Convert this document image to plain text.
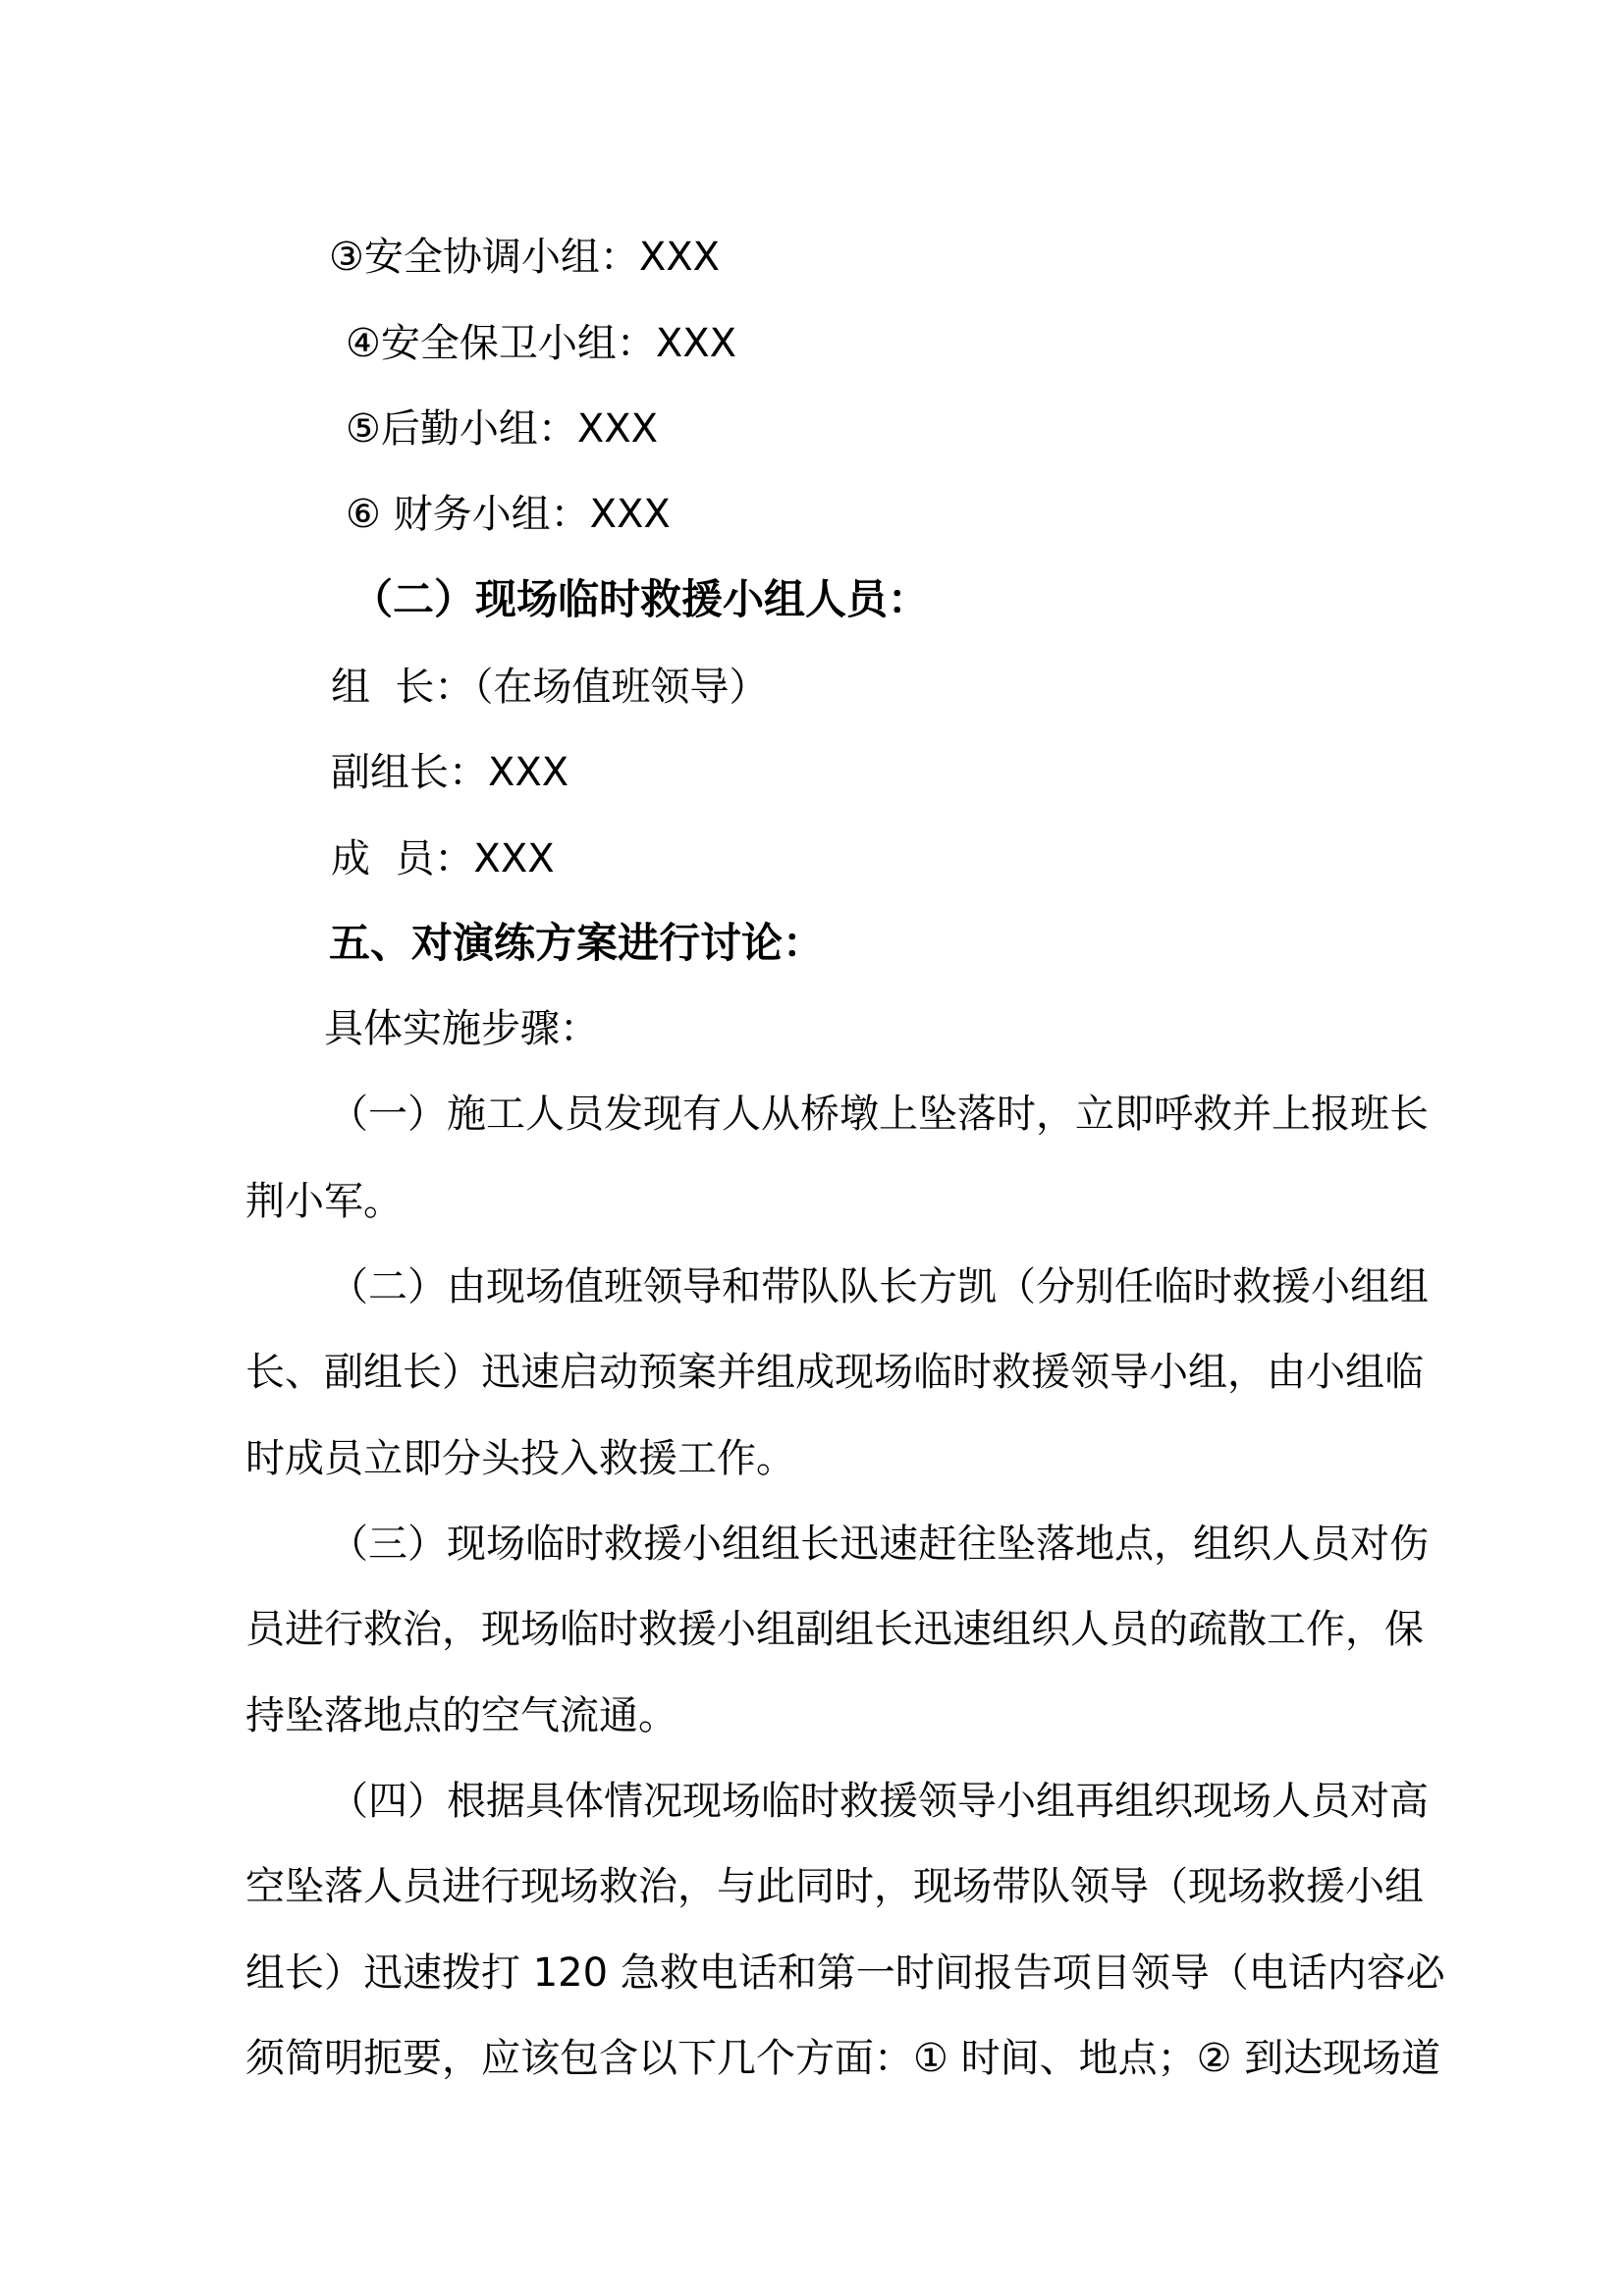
③安全协调小组：XXX
④安全保卫小组：XXX
⑤后勤小组：XXX
⑥ 财务小组：XXX
（二）现场临时救援小组人员：
组  长：（在场值班领导）
副组长：XXX
成  员：XXX
五、对演练方案进行讨论：
具体实施步骤：
（一）施工人员发现有人从桥墩上坠落时，立即呼救并上报班长
荆小军。
（二）由现场值班领导和带队队长方凯（分别任临时救援小组组
长、副组长）迅速启动预案并组成现场临时救援领导小组，由小组临
时成员立即分头投入救援工作。
（三）现场临时救援小组组长迅速赶往坠落地点，组织人员对伤
员进行救治，现场临时救援小组副组长迅速组织人员的疏散工作，保
持坠落地点的空气流通。
（四）根据具体情况现场临时救援领导小组再组织现场人员对高
空坠落人员进行现场救治，与此同时，现场带队领导（现场救援小组
组长）迅速拨打 120 急救电话和第一时间报告项目领导（电话内容必
须简明扼要，应该包含以下几个方面：① 时间、地点；② 到达现场道
